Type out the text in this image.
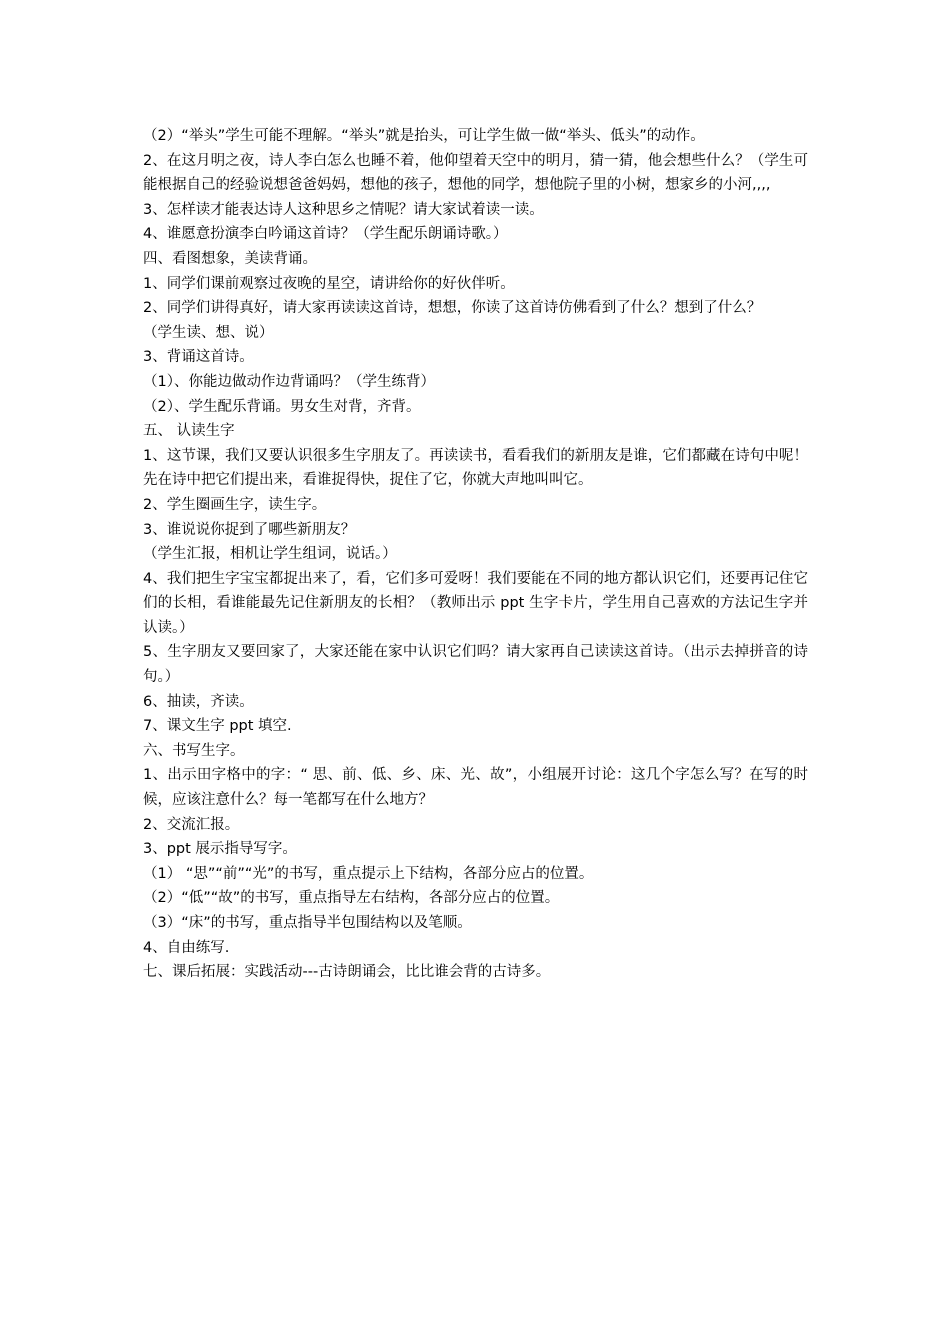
（2）“举头”学生可能不理解。“举头”就是抬头，可让学生做一做“举头、低头”的动作。

2、在这月明之夜，诗人李白怎么也睡不着，他仰望着天空中的明月，猜一猜，他会想些什么？（学生可能根据自己的经验说想爸爸妈妈，想他的孩子，想他的同学，想他院子里的小树，想家乡的小河,,,,

3、怎样读才能表达诗人这种思乡之情呢？请大家试着读一读。

4、谁愿意扮演李白吟诵这首诗？（学生配乐朗诵诗歌。）

四、看图想象，美读背诵。

1、同学们课前观察过夜晚的星空，请讲给你的好伙伴听。

2、同学们讲得真好，请大家再读读这首诗，想想，你读了这首诗仿佛看到了什么？想到了什么？

（学生读、想、说）

3、背诵这首诗。

（1）、你能边做动作边背诵吗？（学生练背）

（2）、学生配乐背诵。男女生对背，齐背。

五、 认读生字

1、这节课，我们又要认识很多生字朋友了。再读读书，看看我们的新朋友是谁，它们都藏在诗句中呢！先在诗中把它们提出来，看谁捉得快，捉住了它，你就大声地叫叫它。

2、学生圈画生字，读生字。

3、谁说说你捉到了哪些新朋友？

（学生汇报，相机让学生组词，说话。）

4、我们把生字宝宝都捉出来了，看，它们多可爱呀！我们要能在不同的地方都认识它们，还要再记住它们的长相，看谁能最先记住新朋友的长相？（教师出示 ppt 生字卡片，学生用自己喜欢的方法记生字并认读。）

5、生字朋友又要回家了，大家还能在家中认识它们吗？请大家再自己读读这首诗。（出示去掉拼音的诗句。）

6、抽读，齐读。

7、课文生字 ppt 填空.

六、书写生字。

1、出示田字格中的字：“ 思、前、低、乡、床、光、故”，小组展开讨论：这几个字怎么写？在写的时候，应该注意什么？每一笔都写在什么地方？

2、交流汇报。

3、ppt 展示指导写字。

（1） “思”“前”“光”的书写，重点提示上下结构，各部分应占的位置。

（2）“低”“故”的书写，重点指导左右结构，各部分应占的位置。

（3）“床”的书写，重点指导半包围结构以及笔顺。

4、自由练写.

七、课后拓展：实践活动---古诗朗诵会，比比谁会背的古诗多。
